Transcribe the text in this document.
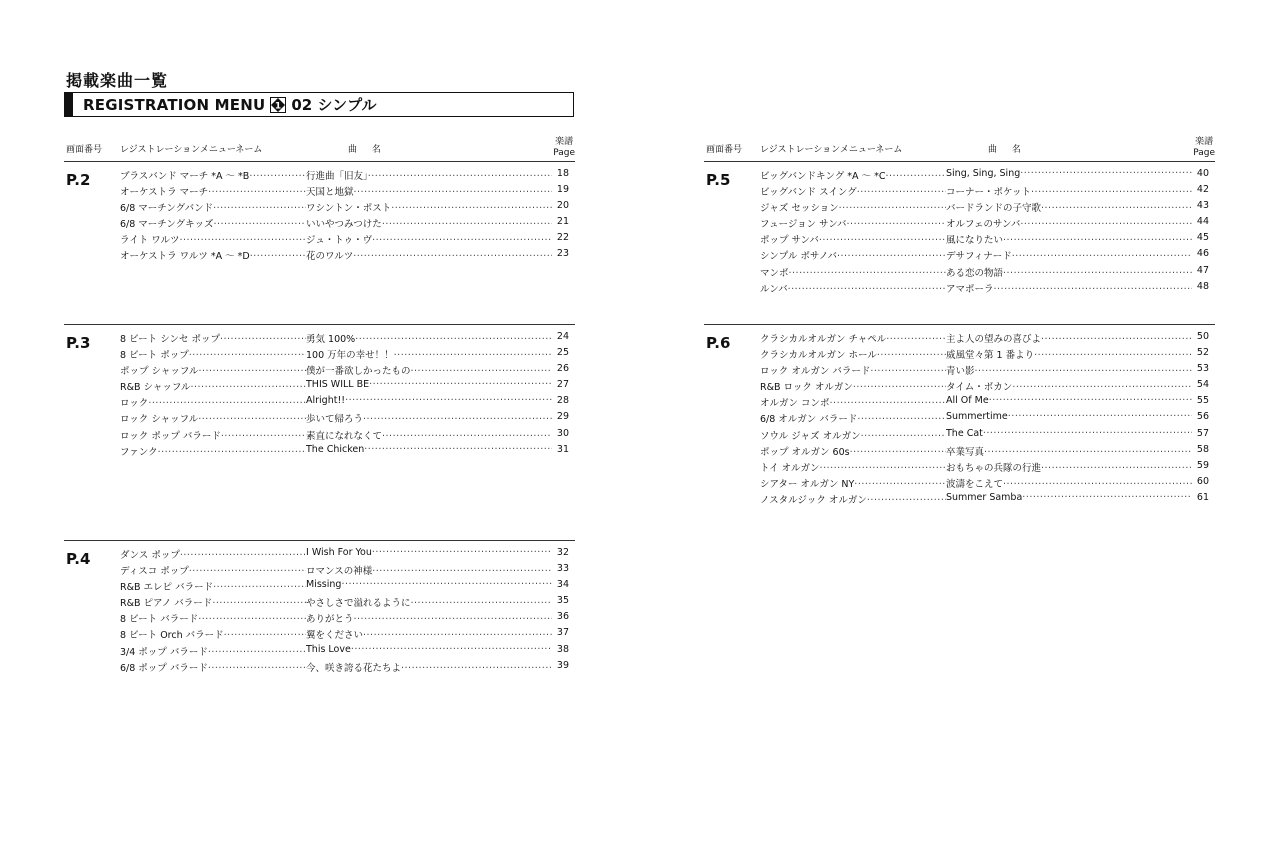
掲載楽曲一覧
REGISTRATION MENU 1 02 シンプル
画面番号 レジストレーションメニューネーム	曲 名
楽譜
Page
P.2	ブラスバンド マーチ *A ～ *B ·····	行進曲「旧友」 ·····	18
オーケストラ マーチ ·····	天国と地獄 ·····	19
6/8 マーチングバンド ·····	ワシントン・ポスト ·····	20
6/8 マーチングキッズ ·····	いいやつみつけた ·····	21
ライト ワルツ ·····	ジュ・トゥ・ヴ ·····	22
オーケストラ ワルツ *A ～ *D ·····	花のワルツ ·····	23
P.3	8 ビート シンセ ポップ ·····	勇気 100% ·····	24
8 ビート ポップ ·····	100 万年の幸せ！！ ·····	25
ポップ シャッフル ·····	僕が一番欲しかったもの ·····	26
R&B シャッフル ·····	THIS WILL BE ·····	27
ロック ·····	Alright!! ·····	28
ロック シャッフル ·····	歩いて帰ろう ·····	29
ロック ポップ バラード ·····	素直になれなくて ·····	30
ファンク ·····	The Chicken ·····	31
P.4	ダンス ポップ ·····	I Wish For You ·····	32
ディスコ ポップ ·····	ロマンスの神様 ·····	33
R&B エレピ バラード ·····	Missing ·····	34
R&B ピアノ バラード ·····	やさしさで溢れるように ·····	35
8 ビート バラード ·····	ありがとう ·····	36
8 ビート Orch バラード ·····	翼をください ·····	37
3/4 ポップ バラード ·····	This Love ·····	38
6/8 ポップ バラード ·····	今、咲き誇る花たちよ ·····	39
画面番号 レジストレーションメニューネーム	曲 名
楽譜
Page
P.5	ビッグバンドキング *A ～ *C ·····	Sing, Sing, Sing ·····	40
ビッグバンド スイング ·····	コーナー・ポケット ·····	42
ジャズ セッション ·····	バードランドの子守歌 ·····	43
フュージョン サンバ ·····	オルフェのサンバ ·····	44
ポップ サンバ ·····	風になりたい ·····	45
シンプル ボサノバ ·····	デサフィナード ·····	46
マンボ ·····	ある恋の物語 ·····	47
ルンバ ·····	アマポーラ ·····	48
P.6	クラシカルオルガン チャペル ·····	主よ人の望みの喜びよ ·····	50
クラシカルオルガン ホール ·····	威風堂々第 1 番より ·····	52
ロック オルガン バラード ·····	青い影 ·····	53
R&B ロック オルガン ·····	タイム・ボカン ·····	54
オルガン コンボ ·····	All Of Me ·····	55
6/8 オルガン バラード ·····	Summertime ·····	56
ソウル ジャズ オルガン ·····	The Cat ·····	57
ポップ オルガン 60s ·····	卒業写真 ·····	58
トイ オルガン ·····	おもちゃの兵隊の行進 ·····	59
シアター オルガン NY ·····	波濤をこえて ·····	60
ノスタルジック オルガン ·····	Summer Samba ·····	61
